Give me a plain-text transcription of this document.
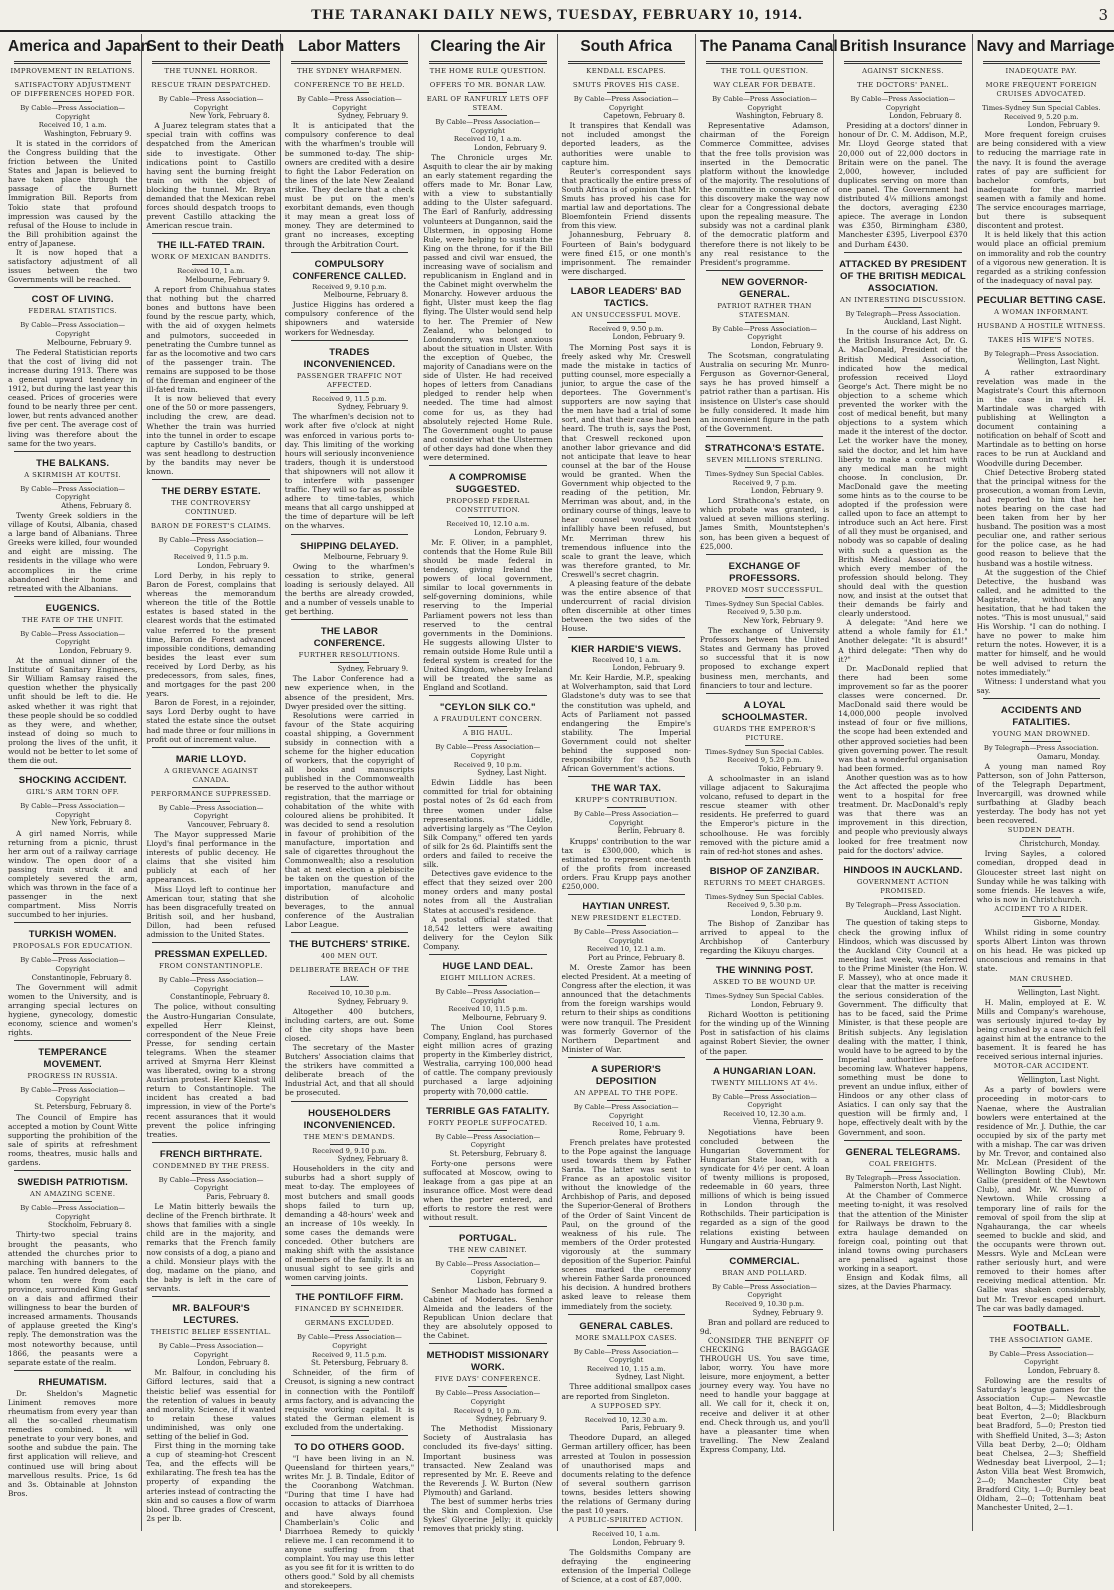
THE TARANAKI DAILY NEWS, TUESDAY, FEBRUARY 10, 1914.	3
America and Japan
IMPROVEMENT IN RELATIONS.
SATISFACTORY ADJUSTMENT OF DIFFERENCES HOPED FOR.
By Cable—Press Association—Copyright
Received 10, 1 a.m.
Washington, February 9.

It is stated in the corridors of the Congress building that the friction between the United States and Japan is believed to have taken place through the passage of the Burnett Immigration Bill. Reports from Tokio state that profound impression was caused by the refusal of the House to include in the Bill prohibition against the entry of Japanese.

It is now hoped that a satisfactory adjustment of all issues between the two Governments will be reached.

COST OF LIVING.
FEDERAL STATISTICS.
By Cable—Press Association—Copyright
Melbourne, February 9.

The Federal Statistician reports that the cost of living did not increase during 1913. There was a general upward tendency in 1912, but during the last year this ceased. Prices of groceries were found to be nearly three per cent. lower, but rents advanced another five per cent. The average cost of living was therefore about the same for the two years.

THE BALKANS.
A SKIRMISH AT KOUTSI.
By Cable—Press Association—Copyright
Athens, February 8.

Twenty Greek soldiers in the village of Koutsi, Albania, chased a large band of Albanians. Three Greeks were killed, four wounded and eight are missing. The residents in the village who were accomplices in the crime abandoned their home and retreated with the Albanians.

EUGENICS.
THE FATE OF THE UNFIT.
By Cable—Press Association—Copyright
London, February 9.

At the annual dinner of the Institute of Sanitary Engineers, Sir William Ramsay raised the question whether the physically unfit should be left to die. He asked whether it was right that these people should be so coddled as they were, and whether, instead of doing so much to prolong the lives of the unfit, it would not be better to let some of them die out.

SHOCKING ACCIDENT.
GIRL'S ARM TORN OFF.
By Cable—Press Association—Copyright
New York, February 8.

A girl named Norris, while returning from a picnic, thrust her arm out of a railway carriage window. The open door of a passing train struck it and completely severed the arm, which was thrown in the face of a passenger in the next compartment. Miss Norris succumbed to her injuries.

TURKISH WOMEN.
PROPOSALS FOR EDUCATION.
By Cable—Press Association—Copyright
Constantinople, February 8.

The Government will admit women to the University, and is arranging special lectures on hygiene, gynecology, domestic economy, science and women's rights.

TEMPERANCE MOVEMENT.
PROGRESS IN RUSSIA.
By Cable—Press Association—Copyright
St. Petersburg, February 8.

The Council of Empire has accepted a motion by Count Witte supporting the prohibition of the sale of spirits at refreshment rooms, theatres, music halls and gardens.

SWEDISH PATRIOTISM.
AN AMAZING SCENE.
By Cable—Press Association—Copyright
Stockholm, February 8.

Thirty-two special trains brought the peasants, who attended the churches prior to marching with banners to the palace. Ten hundred delegates, of whom ten were from each province, surrounded King Gustaf on a dais and affirmed their willingness to bear the burden of increased armaments. Thousands of applause greeted the King's reply. The demonstration was the most noteworthy because, until 1866, the peasants were a separate estate of the realm.

RHEUMATISM.

Dr. Sheldon's Magnetic Liniment removes more rheumatism from every year than all the so-called rheumatism remedies combined. It will penetrate to your very bones, and soothe and subdue the pain. The first application will relieve, and continued use will bring about marvellous results. Price, 1s 6d and 3s. Obtainable at Johnston Bros.

Sent to their Death
THE TUNNEL HORROR.
RESCUE TRAIN DESPATCHED.
By Cable—Press Association—Copyright
New York, February 8.

A Juarez telegram states that a special train with coffins was despatched from the American side to investigate. Other indications point to Castillo having sent the burning freight train on with the object of blocking the tunnel. Mr. Bryan demanded that the Mexican rebel forces should despatch troops to prevent Castillo attacking the American rescue train.

THE ILL-FATED TRAIN.
WORK OF MEXICAN BANDITS.
Received 10, 1 a.m.
Melbourne, February 9.

A report from Chihuahua states that nothing but the charred bones and buttons have been found by the rescue party, which, with the aid of oxygen helmets and pulmotors, succeeded in penetrating the Cumbre tunnel as far as the locomotive and two cars of the passenger train. The remains are supposed to be those of the fireman and engineer of the ill-fated train.

It is now believed that every one of the 50 or more passengers, including the crew, are dead. Whether the train was hurried into the tunnel in order to escape capture by Castillo's bandits, or was sent headlong to destruction by the bandits may never be known.

THE DERBY ESTATE.
THE CONTROVERSY CONTINUED.
BARON DE FOREST'S CLAIMS.
By Cable—Press Association—Copyright
Received 9, 11.5 p.m.
London, February 9.

Lord Derby, in his reply to Baron de Forest, complains that whereas the memorandum whereon the title of the Bottle estates is based stated in the clearest words that the estimated value referred to the present time, Baron de Forest advanced impossible conditions, demanding besides the least ever sum received by Lord Derby, as his predecessors, from sales, fines, and mortgages for the past 200 years.

Baron de Forest, in a rejoinder, says Lord Derby ought to have stated the estate since the outset had made three or four millions in profit out of increment value.

MARIE LLOYD.
A GRIEVANCE AGAINST CANADA.
PERFORMANCE SUPPRESSED.
By Cable—Press Association—Copyright
Vancouver, February 8.

The Mayor suppressed Marie Lloyd's final performance in the interests of public decency. He claims that she visited him publicly at each of her appearances.

Miss Lloyd left to continue her American tour, stating that she has been disgracefully treated on British soil, and her husband, Dillon, had been refused admission to the United States.

PRESSMAN EXPELLED.
FROM CONSTANTINOPLE.
By Cable—Press Association—Copyright
Constantinople, February 8.

The police, without consulting the Austro-Hungarian Consulate, expelled Herr Kleinst, correspondent of the Neue Freie Presse, for sending certain telegrams. When the steamer arrived at Smyrna Herr Kleinst was liberated, owing to a strong Austrian protest. Herr Kleinst will return to Constantinople. The incident has created a bad impression, in view of the Porte's recent assurances that it would prevent the police infringing treaties.

FRENCH BIRTHRATE.
CONDEMNED BY THE PRESS.
By Cable—Press Association—Copyright
Paris, February 8.

Le Matin bitterly bewails the decline of the French birthrate. It shows that families with a single child are in the majority, and remarks that the French family now consists of a dog, a piano and a child. Monsieur plays with the dog, madame on the piano, and the baby is left in the care of servants.

MR. BALFOUR'S LECTURES.
THEISTIC BELIEF ESSENTIAL.
By Cable—Press Association—Copyright
London, February 8.

Mr. Balfour, in concluding his Gifford lectures, said that a theistic belief was essential for the retention of values in beauty and morality. Science, if it wanted to retain these values undiminished, was only one setting of the belief in God.

First thing in the morning take a cup of steaming-hot Crescent Tea, and the effects will be exhilarating. The fresh tea has the property of expanding the arteries instead of contracting the skin and so causes a flow of warm blood. Three grades of Crescent, 2s per lb.

Labor Matters
THE SYDNEY WHARFMEN.
CONFERENCE TO BE HELD.
By Cable—Press Association—Copyright
Sydney, February 9.

It is anticipated that the compulsory conference to deal with the wharfmen's trouble will be summoned to-day. The ship-owners are credited with a desire to fight the Labor Federation on the lines of the late New Zealand strike. They declare that a check must be put on the men's exorbitant demands, even though it may mean a great loss of money. They are determined to grant no increases, excepting through the Arbitration Court.

COMPULSORY CONFERENCE CALLED.
Received 9, 9.10 p.m.
Melbourne, February 8.

Justice Higgins has ordered a compulsory conference of the shipowners and waterside workers for Wednesday.

TRADES INCONVENIENCED.
PASSENGER TRAFFIC NOT AFFECTED.
Received 9, 11.5 p.m.
Sydney, February 9.

The wharfmen's decision not to work after five o'clock at night was enforced in various ports to-day. This limiting of the working hours will seriously inconvenience traders, though it is understood that shipowners will not allow it to interfere with passenger traffic. They will so far as possible adhere to time-tables, which means that all cargo unshipped at the time of departure will be left on the wharves.

SHIPPING DELAYED.
Melbourne, February 9.

Owing to the wharfmen's cessation to strike, general loading is seriously delayed. All the berths are already crowded, and a number of vessels unable to get berthing.

THE LABOR CONFERENCE.
FURTHER RESOLUTIONS.
Sydney, February 9.

The Labor Conference had a new experience when, in the absence of the president, Mrs. Dwyer presided over the sitting.

Resolutions were carried in favour of the State acquiring coastal shipping, a Government subsidy in connection with a scheme for the higher education of workers, that the copyright of all books and manuscripts published in the Commonwealth be reserved to the author without registration, that the marriage or cohabitation of the white with coloured aliens be prohibited. It was decided to send a resolution in favour of prohibition of the manufacture, importation and sale of cigarettes throughout the Commonwealth; also a resolution that at next election a plebiscite be taken on the question of the importation, manufacture and distribution of alcoholic beverages, to the annual conference of the Australian Labor League.

THE BUTCHERS' STRIKE.
400 MEN OUT.
DELIBERATE BREACH OF THE LAW.
Received 10, 10.30 p.m.
Sydney, February 9.

Altogether 400 butchers, including carters, are out. Some of the city shops have been closed.

The secretary of the Master Butchers' Association claims that the strikers have committed a deliberate breach of the Industrial Act, and that all should be prosecuted.

HOUSEHOLDERS INCONVENIENCED.
THE MEN'S DEMANDS.
Received 9, 9.10 p.m.
Sydney, February 8.

Householders in the city and suburbs had a short supply of meat to-day. The employees of most butchers and small goods shops failed to turn up, demanding a 48-hours' week and an increase of 10s weekly. In some cases the demands were conceded. Other butchers are making shift with the assistance of members of the family. It is an unusual sight to see girls and women carving joints.

THE PONTILOFF FIRM.
FINANCED BY SCHNEIDER.
GERMANS EXCLUDED.
By Cable—Press Association—Copyright
Received 9, 11.5 p.m.
St. Petersburg, February 8.

Schneider, of the firm of Creusot, is signing a new contract in connection with the Pontiloff arms factory, and is advancing the requisite working capital. It is stated the German element is excluded from the undertaking.

TO DO OTHERS GOOD.

"I have been living in an N. Queensland for thirteen years," writes Mr. J. B. Tindale, Editor of the Cooranbong Watchman. "During that time I have had occasion to attacks of Diarrhoea and have always found Chamberlain's Colic and Diarrhoea Remedy to quickly relieve me. I can recommend it to anyone suffering from that complaint. You may use this letter as you see fit for it is written to do others good." Sold by all chemists and storekeepers.

Clearing the Air
THE HOME RULE QUESTION.
OFFERS TO MR. BONAR LAW.
EARL OF RANFURLY LETS OFF STEAM.
By Cable—Press Association—Copyright
Received 10, 1 a.m.
London, February 9.

The Chronicle urges Mr. Asquith to clear the air by making an early statement regarding the offers made to Mr. Bonar Law, with a view to substantially adding to the Ulster safeguard. The Earl of Ranfurly, addressing volunteers at Dungannon, said the Ulstermen, in opposing Home Rule, were helping to sustain the King on the throne, for if the Bill passed and civil war ensued, the increasing wave of socialism and republicanism in England and in the Cabinet might overwhelm the Monarchy. However arduous the fight, Ulster must keep the flag flying. The Ulster would send help to her. The Premier of New Zealand, who belonged to Londonderry, was most anxious about the situation in Ulster. With the exception of Quebec, the majority of Canadians were on the side of Ulster. He had received hopes of letters from Canadians pledged to render help when needed. The time had almost come for us, as they had absolutely rejected Home Rule. The Government ought to pause and consider what the Ulstermen of other days had done when they were determined.

A COMPROMISE SUGGESTED.
PROPOSED FEDERAL CONSTITUTION.
Received 10, 12.10 a.m.
London, February 9.

Mr. F. Oliver, in a pamphlet, contends that the Home Rule Bill should be made federal in tendency, giving Ireland the powers of local government, similar to local governments in self-governing dominions, while reserving to the Imperial Parliament powers not less than reserved to the central governments in the Dominions. He suggests allowing Ulster to remain outside Home Rule until a federal system is created for the United Kingdom, whereby Ireland will be treated the same as England and Scotland.

"CEYLON SILK CO."
A FRAUDULENT CONCERN.
A BIG HAUL.
By Cable—Press Association—Copyright
Received 9, 10 p.m.
Sydney, Last Night.

Edwin Liddle has been committed for trial for obtaining postal notes of 2s 6d each from three women under false representations. Liddle, advertising largely as "The Ceylon Silk Company," offered ten yards of silk for 2s 6d. Plaintiffs sent the orders and failed to receive the silk.

Detectives gave evidence to the effect that they seized over 200 money orders and many postal notes from all the Australian States at accused's residence.

A postal official stated that 18,542 letters were awaiting delivery for the Ceylon Silk Company.

HUGE LAND DEAL.
EIGHT MILLION ACRES.
By Cable—Press Association—Copyright
Received 10, 11.5 p.m.
Melbourne, February 9.

The Union Cool Stores Company, England, has purchased eight million acres of grazing property in the Kimberley district, Westralia, carrying 100,000 head of cattle. The company previously purchased a large adjoining property with 70,000 cattle.

TERRIBLE GAS FATALITY.
FORTY PEOPLE SUFFOCATED.
By Cable—Press Association—Copyright
St. Petersburg, February 8.

Forty-one persons were suffocated at Moscow, owing to leakage from a gas pipe at an insurance office. Most were dead when the porter entered, and efforts to restore the rest were without result.

PORTUGAL.
THE NEW CABINET.
By Cable—Press Association—Copyright
Lisbon, February 9.

Senhor Machado has formed a Cabinet of Moderates. Senhor Almeida and the leaders of the Republican Union declare that they are absolutely opposed to the Cabinet.

METHODIST MISSIONARY WORK.
FIVE DAYS' CONFERENCE.
By Cable—Press Association—Copyright
Received 9, 10 p.m.
Sydney, February 9.

The Methodist Missionary Society of Australasia has concluded its five-days' sitting. Important business was transacted. New Zealand was represented by Mr. E. Reeve and the Reverends J. W. Burton (New Plymouth) and Garland.

The best of summer herbs tries the Skin and Complexion. Use Sykes' Glycerine Jelly; it quickly removes that prickly sting.

South Africa
KENDALL ESCAPES.
SMUTS PROVES HIS CASE.
By Cable—Press Association—Copyright
Capetown, February 8.

It transpires that Kendall was not included amongst the deported leaders, as the authorities were unable to capture him.

Reuter's correspondent says that practically the entire press of South Africa is of opinion that Mr. Smuts has proved his case for martial law and deportations. The Bloemfontein Friend dissents from this view.

Johannesburg, February 8. Fourteen of Bain's bodyguard were fined £15, or one month's imprisonment. The remainder were discharged.

LABOR LEADERS' BAD TACTICS.
AN UNSUCCESSFUL MOVE.
Received 9, 9.50 p.m.
London, February 9.

The Morning Post says it is freely asked why Mr. Creswell made the mistake in tactics of putting counsel, more especially a junior, to argue the case of the deportees. The Government's supporters are now saying that the men have had a trial of some sort, and that their case had been heard. The truth is, says the Post, that Creswell reckoned upon another labor grievance and did not anticipate that leave to hear counsel at the bar of the House would be granted. When the Government whip objected to the reading of the petition, Mr. Merriman was about, and, in the ordinary course of things, leave to hear counsel would almost infallibly have been refused, but Mr. Merriman threw his tremendous influence into the scale to grant the leave, which was therefore granted, to Mr. Creswell's secret chagrin.

A pleasing feature of the debate was the entire absence of that undercurrent of racial division often discernible at other times between the two sides of the House.

KIER HARDIE'S VIEWS.
Received 10, 1 a.m.
London, February 9.

Mr. Keir Hardie, M.P., speaking at Wolverhampton, said that Lord Gladstone's duty was to see that the constitution was upheld, and Acts of Parliament not passed endangering the Empire's stability. The Imperial Government could not shelter behind the supposed non-responsibility for the South African Government's actions.

THE WAR TAX.
KRUPP'S CONTRIBUTION.
By Cable—Press Association—Copyright
Berlin, February 8.

Krupps' contribution to the war tax is £300,000, which is estimated to represent one-tenth of the profits from increased orders. Frau Krupp pays another £250,000.

HAYTIAN UNREST.
NEW PRESIDENT ELECTED.
By Cable—Press Association—Copyright
Received 10, 12.1 a.m.
Port au Prince, February 8.

M. Oreste Zamor has been elected President. At a meeting of Congress after the election, it was announced that the detachments from the foreign warships would return to their ships as conditions were now tranquil. The President was formerly Governor of the Northern Department and Minister of War.

A SUPERIOR'S DEPOSITION
AN APPEAL TO THE POPE.
By Cable—Press Association—Copyright
Received 10, 1 a.m.
Rome, February 9.

French prelates have protested to the Pope against the language used towards them by Father Sarda. The latter was sent to France as an apostolic visitor without the knowledge of the Archbishop of Paris, and deposed the Superior-General of Brothers of the Order of Saint Vincent de Paul, on the ground of the weakness of his rule. The members of the Order protested vigorously at the summary deposition of the Superior. Painful scenes marked the ceremony wherein Father Sarda pronounced his decision. A hundred brothers asked leave to release them immediately from the society.

GENERAL CABLES.
MORE SMALLPOX CASES.
By Cable—Press Association—Copyright
Received 10, 1.15 a.m.
Sydney, Last Night.

Three additional smallpox cases are reported from Singleton.

A SUPPOSED SPY.
Received 10, 12.30 a.m.
Paris, February 9.

Theodore Dupard, an alleged German artillery officer, has been arrested at Toulon in possession of unauthorised maps and documents relating to the defence of several southern garrison towns, besides letters showing the relations of Germany during the past 10 years.

A PUBLIC-SPIRITED ACTION.
Received 10, 1 a.m.
London, February 9.

The Goldsmiths Company are defraying the engineering extension of the Imperial College of Science, at a cost of £87,000.

The Panama Canal
THE TOLL QUESTION.
WAY CLEAR FOR DEBATE.
By Cable—Press Association—Copyright
Washington, February 8.

Representative Adamson, chairman of the Foreign Commerce Committee, advises that the free tolls provision was inserted in the Democratic platform without the knowledge of the majority. The resolutions of the committee in consequence of this discovery make the way now clear for a Congressional debate upon the repealing measure. The subsidy was not a cardinal plank of the democratic platform and therefore there is not likely to be any real resistance to the President's programme.

NEW GOVERNOR-GENERAL.
PATRIOT RATHER THAN STATESMAN.
By Cable—Press Association—Copyright
London, February 9.

The Scotsman, congratulating Australia on securing Mr. Munro-Ferguson as Governor-General, says he has proved himself a patriot rather than a partisan. His insistence on Ulster's case should be fully considered. It made him an inconvenient figure in the path of the Government.

STRATHCONA'S ESTATE.
SEVEN MILLIONS STERLING.
Times-Sydney Sun Special Cables.
Received 9, 7 p.m.
London, February 9.

Lord Strathcona's estate, on which probate was granted, is valued at seven millions sterling. James Smith, Mountstephen's son, has been given a bequest of £25,000.

EXCHANGE OF PROFESSORS.
PROVED MOST SUCCESSFUL.
Times-Sydney Sun Special Cables.
Received 9, 5.30 p.m.
New York, February 9.

The exchange of University Professors between the United States and Germany has proved so successful that it is now proposed to exchange expert business men, merchants, and financiers to tour and lecture.

A LOYAL SCHOOLMASTER.
GUARDS THE EMPEROR'S PICTURE.
Times-Sydney Sun Special Cables.
Received 9, 5.20 p.m.
Tokio, February 9.

A schoolmaster in an island village adjacent to Sakurajima volcano, refused to depart in the rescue steamer with other residents. He preferred to guard the Emperor's picture in the schoolhouse. He was forcibly removed with the picture amid a rain of red-hot stones and ashes.

BISHOP OF ZANZIBAR.
RETURNS TO MEET CHARGES.
Times-Sydney Sun Special Cables.
Received 9, 5.30 p.m.
London, February 9.

The Bishop of Zanzibar has arrived to appeal to the Archbishop of Canterbury regarding the Kikuyu charges.

THE WINNING POST.
ASKED TO BE WOUND UP.
Times-Sydney Sun Special Cables.
London, February 9.

Richard Wootton is petitioning for the winding up of the Winning Post in satisfaction of his claims against Robert Sievier, the owner of the paper.

A HUNGARIAN LOAN.
TWENTY MILLIONS AT 4½.
By Cable—Press Association—Copyright
Received 10, 12.30 a.m.
Vienna, February 9.

Negotiations have been concluded between the Hungarian Government for Hungarian State loan, with a syndicate for 4½ per cent. A loan of twenty millions is proposed, redeemable in 60 years, three millions of which is being issued in London through the Rothschilds. Their participation is regarded as a sign of the good relations existing between Hungary and Austria-Hungary.

COMMERCIAL.
BRAN AND POLLARD.
By Cable—Press Association—Copyright
Received 9, 10.30 p.m.
Sydney, February 9.

Bran and pollard are reduced to 9d.

CONSIDER THE BENEFIT OF CHECKING BAGGAGE THROUGH US. You save time, labor, worry. You have more leisure, more enjoyment, a better journey every way. You have no need to handle your baggage at all. We call for it, check it on, receive and deliver it at other end. Check through us, and you'll have a pleasanter time when travelling. The New Zealand Express Company, Ltd.

British Insurance
AGAINST SICKNESS.
THE DOCTORS' PANEL.
By Cable—Press Association—Copyright
London, February 8.

Presiding at a doctors' dinner in honour of Dr. C. M. Addison, M.P., Mr. Lloyd George stated that 20,000 out of 22,000 doctors in Britain were on the panel. The 2,000, however, included duplicates serving on more than one panel. The Government had distributed 4¼ millions amongst the doctors, averaging £230 apiece. The average in London was £350, Birmingham £380, Manchester £395, Liverpool £370 and Durham £430.

ATTACKED BY PRESIDENT OF THE BRITISH MEDICAL ASSOCIATION.
AN INTERESTING DISCUSSION.
By Telegraph—Press Association.
Auckland, Last Night.

In the course of his address on the British Insurance Act, Dr. G. A. MacDonald, President of the British Medical Association, indicated how the medical profession received Lloyd George's Act. There might be no objection to a scheme which prevented the worker with the cost of medical benefit, but many objections to a system which made it the interest of the doctor. Let the worker have the money, said the doctor, and let him have liberty to make a contract with any medical man he might choose. In conclusion, Dr. MacDonald gave the meeting some hints as to the course to be adopted if the profession were called upon to face an attempt to introduce such an Act here. First of all they must be organised, and nobody was so capable of dealing with such a question as the British Medical Association, to which every member of the profession should belong. They should deal with the question now, and insist at the outset that their demands be fairly and clearly understood.

A delegate: "And here we attend a whole family for £1." Another delegate: "It is absurd!" A third delegate: "Then why do it?"

Dr. MacDonald replied that there had been some improvement so far as the poorer classes were concerned. Dr. MacDonald said there would be 14,000,000 people involved instead of four or five millions, the scope had been extended and other approved societies had been given governing power. The result was that a wonderful organisation had been formed.

Another question was as to how the Act affected the people who went to a hospital for free treatment. Dr. MacDonald's reply was that there was an improvement in this direction, and people who previously always looked for free treatment now paid for the doctors' advice.

HINDOOS IN AUCKLAND.
GOVERNMENT ACTION PROMISED.
By Telegraph—Press Association.
Auckland, Last Night.

The question of taking steps to check the growing influx of Hindoos, which was discussed by the Auckland City Council at a meeting last week, was referred to the Prime Minister (the Hon. W. F. Massey), who at once made it clear that the matter is receiving the serious consideration of the Government. The difficulty that has to be faced, said the Prime Minister, is that these people are British subjects. Any legislation dealing with the matter, I think, would have to be agreed to by the Imperial authorities before becoming law. Whatever happens, something must be done to prevent an undue influx, either of Hindoos or any other class of Asiatics. I can only say that the question will be firmly and, I hope, effectively dealt with by the Government, and soon.

GENERAL TELEGRAMS.
COAL FREIGHTS.
By Telegraph—Press Association.
Palmerston North, Last Night.

At the Chamber of Commerce meeting to-night, it was resolved that the attention of the Minister for Railways be drawn to the extra haulage demanded on foreign coal, pointing out that inland towns owing purchasers are penalised against those working in a seaport.

Ensign and Kodak films, all sizes, at the Davies Pharmacy.

Navy and Marriage
INADEQUATE PAY.
MORE FREQUENT FOREIGN CRUISES ADVOCATED.
Times-Sydney Sun Special Cables.
Received 9, 5.20 p.m.
London, February 9.

More frequent foreign cruises are being considered with a view to reducing the marriage rate in the navy. It is found the average rates of pay are sufficient for bachelor comforts, but inadequate for the married seamen with a family and home. The service encourages marriage, but there is subsequent discontent and protest.

It is held likely that this action would place an official premium on immorality and rob the country of a vigorous new generation. It is regarded as a striking confession of the inadequacy of naval pay.

PECULIAR BETTING CASE.
A WOMAN INFORMANT.
HUSBAND A HOSTILE WITNESS.
TAKES HIS WIFE'S NOTES.
By Telegraph—Press Association.
Wellington, Last Night.

A rather extraordinary revelation was made in the Magistrate's Court this afternoon in the case in which H. Martindale was charged with publishing at Wellington a document containing a notification on behalf of Scott and Martindale as to betting on horse races to be run at Auckland and Woodville during December.

Chief Detective Broberg stated that the principal witness for the prosecution, a woman from Levin, had reported to him that her notes bearing on the case had been taken from her by her husband. The position was a most peculiar one, and rather serious for the police case, as he had good reason to believe that the husband was a hostile witness.

At the suggestion of the Chief Detective, the husband was called, and he admitted to the Magistrate, without any hesitation, that he had taken the notes. "This is most unusual," said His Worship. "I can do nothing. I have no power to make him return the notes. However, it is a matter for himself, and he would be well advised to return the notes immediately."

Witness: I understand what you say.

ACCIDENTS AND FATALITIES.
YOUNG MAN DROWNED.
By Telegraph—Press Association.
Oamaru, Monday.

A young man named Roy Patterson, son of John Patterson, of the Telegraph Department, Invercargill, was drowned while surfbathing at Gladby beach yesterday. The body has not yet been recovered.

SUDDEN DEATH.
Christchurch, Monday.

Irving Sayles, a colored comedian, dropped dead in Gloucester street last night on Sunday while he was talking with some friends. He leaves a wife, who is now in Christchurch.

ACCIDENT TO A RIDER.
Gisborne, Monday.

Whilst riding in some country sports Albert Linton was thrown on his head. He was picked up unconscious and remains in that state.

MAN CRUSHED.
Wellington, Last Night.

H. Malin, employed at E. W. Mills and Company's warehouse, was seriously injured to-day by being crushed by a case which fell against him at the entrance to the basement. It is feared he has received serious internal injuries.

MOTOR-CAR ACCIDENT.
Wellington, Last Night.

As a party of bowlers were proceeding in motor-cars to Naenae, where the Australian bowlers were entertained at the residence of Mr. J. Duthie, the car occupied by six of the party met with a mishap. The car was driven by Mr. Trevor, and contained also Mr. McLean (President of the Wellington Bowling Club), Mr. Gallie (president of the Newtown Club), and Mr. W. Munro of Newtown. While crossing a temporary line of rails for the removal of spoil from the slip at Ngahauranga, the car wheels seemed to buckle and skid, and the occupants were thrown out. Messrs. Wyle and McLean were rather seriously hurt, and were removed to their homes after receiving medical attention. Mr. Gallie was shaken considerably, but Mr. Trevor escaped unhurt. The car was badly damaged.

FOOTBALL.
THE ASSOCIATION GAME.
By Cable—Press Association—Copyright
London, February 8.

Following are the results of Saturday's league games for the Association Cup:— Newcastle beat Bolton, 4—3; Middlesbrough beat Everton, 2—0; Blackburn beat Bradford, 5—0; Preston tied with Sheffield United, 3—3; Aston Villa beat Derby, 2—0; Oldham beat Chelsea, 2—3; Sheffield Wednesday beat Liverpool, 2—1; Aston Villa beat West Bromwich, 2—0; Manchester City beat Bradford City, 1—0; Burnley beat Oldham, 2—0; Tottenham beat Manchester United, 2—1.
